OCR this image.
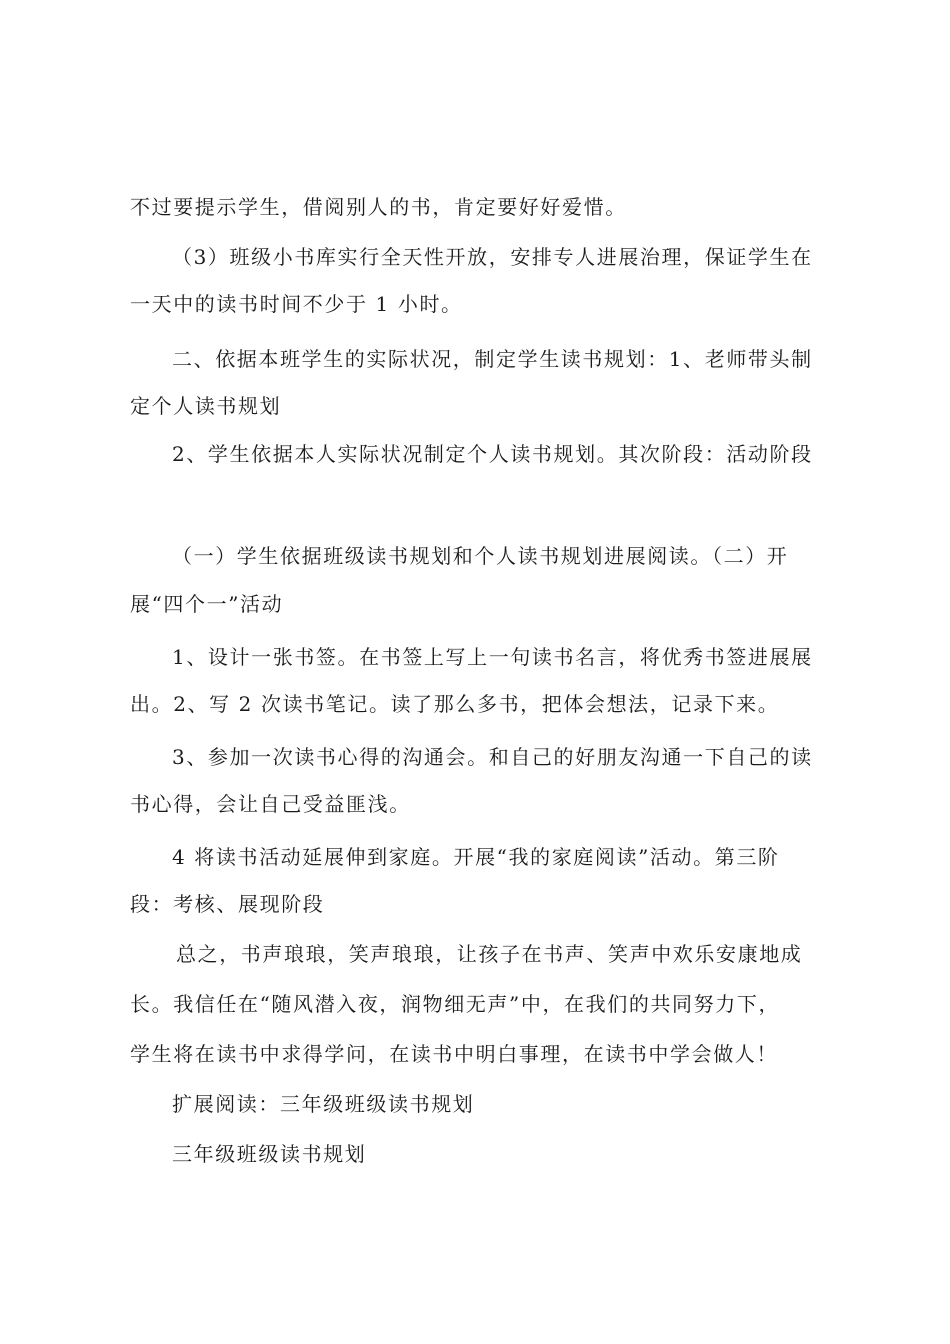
不过要提示学生，借阅别人的书，肯定要好好爱惜。
（3）班级小书库实行全天性开放，安排专人进展治理，保证学生在
一天中的读书时间不少于 1 小时。
二、依据本班学生的实际状况，制定学生读书规划：1、老师带头制
定个人读书规划
2、学生依据本人实际状况制定个人读书规划。其次阶段：活动阶段
（一）学生依据班级读书规划和个人读书规划进展阅读。（二）开
展“四个一”活动
1、设计一张书签。在书签上写上一句读书名言，将优秀书签进展展
出。2、写 2 次读书笔记。读了那么多书，把体会想法，记录下来。
3、参加一次读书心得的沟通会。和自己的好朋友沟通一下自己的读
书心得，会让自己受益匪浅。
4 将读书活动延展伸到家庭。开展“我的家庭阅读”活动。第三阶
段：考核、展现阶段
总之，书声琅琅，笑声琅琅，让孩子在书声、笑声中欢乐安康地成
长。我信任在“随风潜入夜，润物细无声”中，在我们的共同努力下，
学生将在读书中求得学问，在读书中明白事理，在读书中学会做人！
扩展阅读：三年级班级读书规划
三年级班级读书规划
